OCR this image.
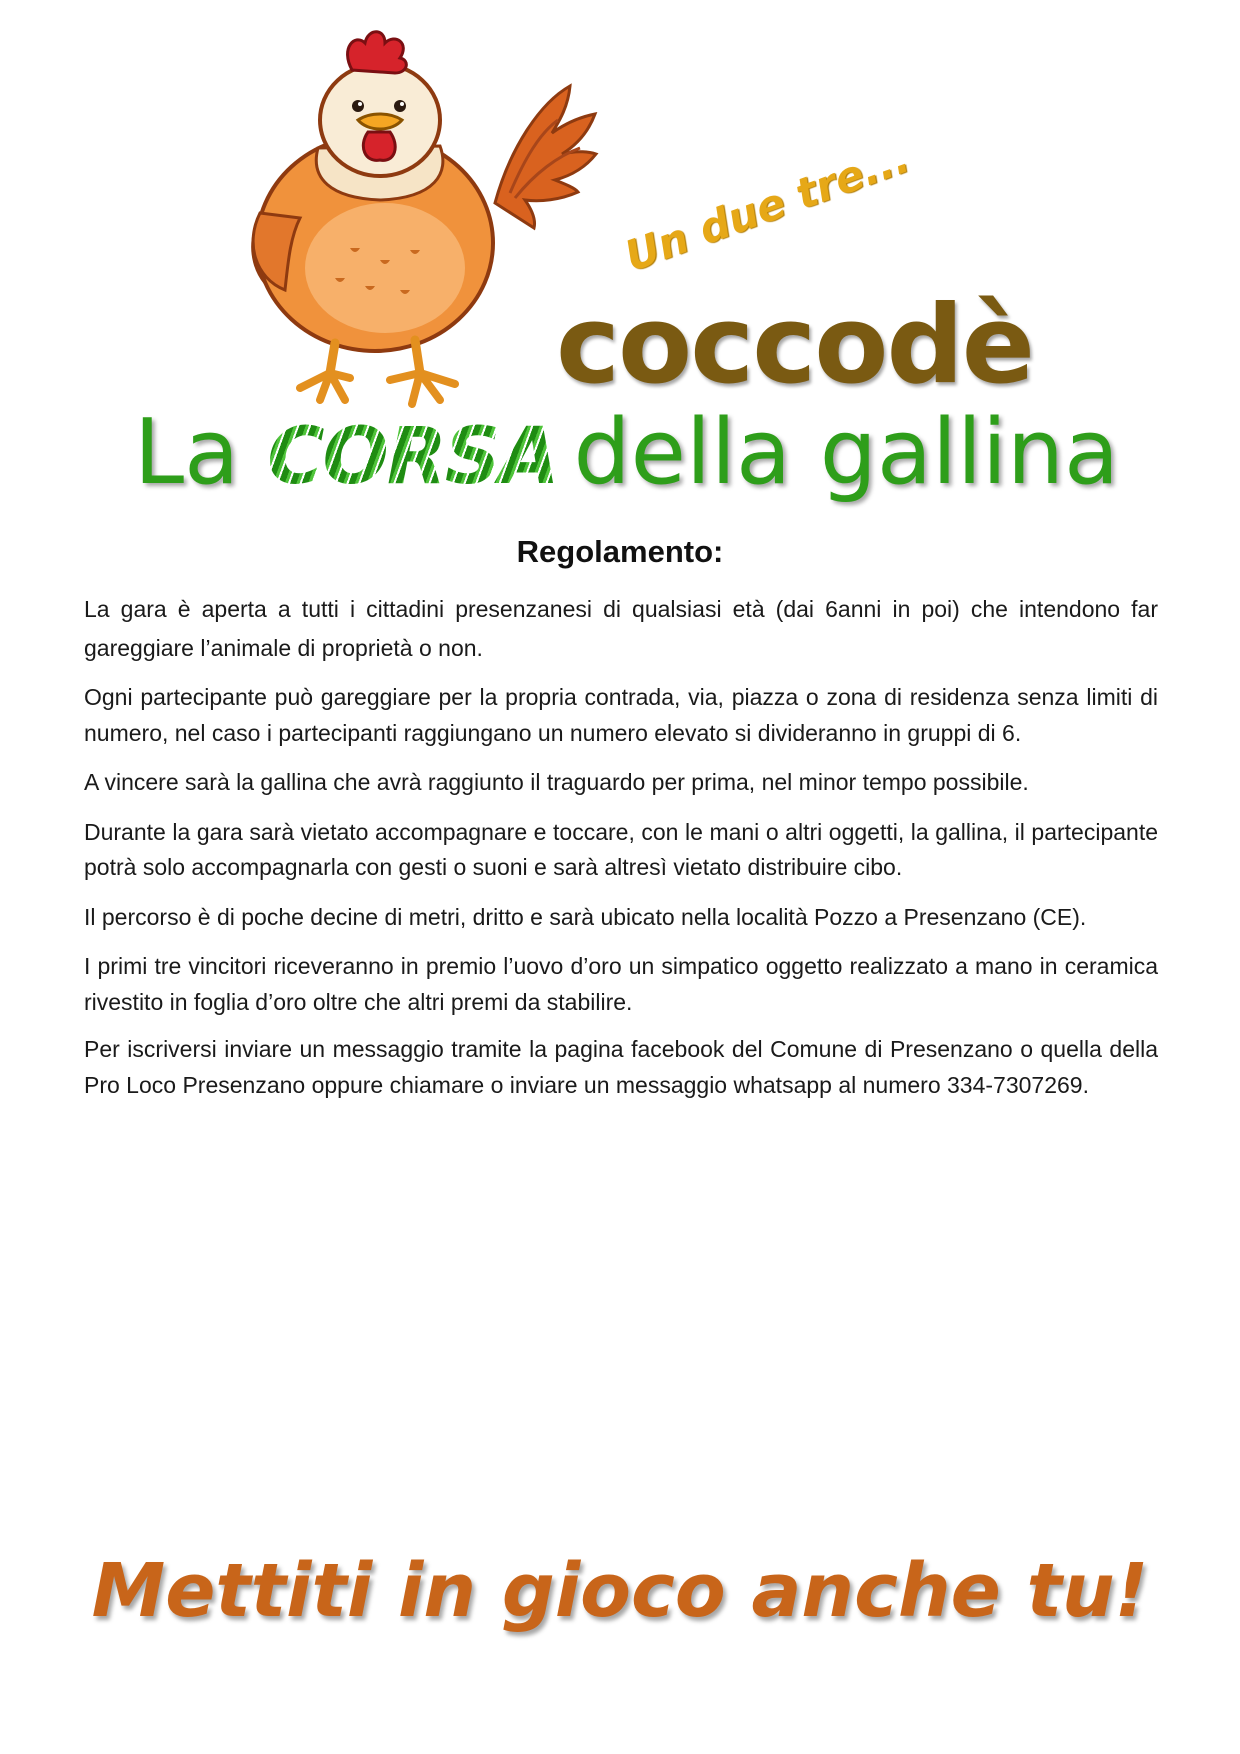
Un due tre...
coccodè
La CORSA della gallina
Regolamento:

La gara è aperta a tutti i cittadini presenzanesi di qualsiasi età (dai 6anni in poi) che intendono far gareggiare l’animale di proprietà o non.

Ogni partecipante può gareggiare per la propria contrada, via, piazza o zona di residenza senza limiti di numero, nel caso i partecipanti raggiungano un numero elevato si divideranno in gruppi di 6.

A vincere sarà la gallina che avrà raggiunto il traguardo per prima, nel minor tempo possibile.

Durante la gara sarà vietato accompagnare e toccare, con le mani o altri oggetti, la gallina, il partecipante potrà solo accompagnarla con gesti o suoni e sarà altresì vietato distribuire cibo.

Il percorso è di poche decine di metri, dritto e sarà ubicato nella località Pozzo a Presenzano (CE).

I primi tre vincitori riceveranno in premio l’uovo d’oro un simpatico oggetto realizzato a mano in ceramica rivestito in foglia d’oro oltre che altri premi da stabilire.

Per iscriversi inviare un messaggio tramite la pagina facebook del Comune di Presenzano o quella della Pro Loco Presenzano oppure chiamare o inviare un messaggio whatsapp al numero 334-7307269.

Mettiti in gioco anche tu!
